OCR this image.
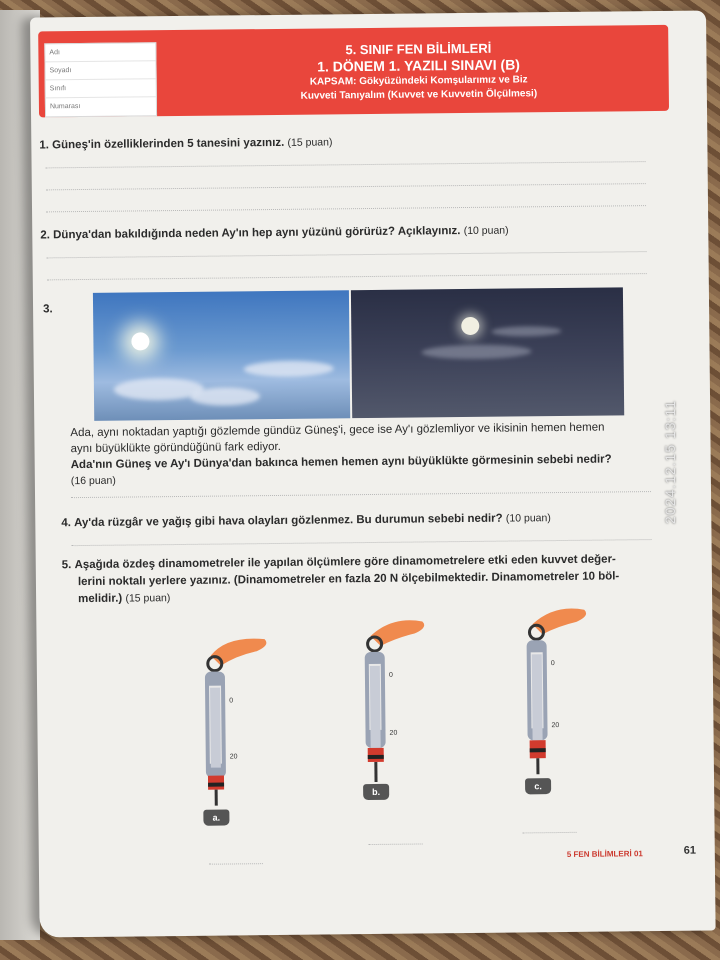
Adı
Soyadı
Sınıfı
Numarası
5. SINIF FEN BİLİMLERİ
1. DÖNEM 1. YAZILI SINAVI (B)
KAPSAM: Gökyüzündeki Komşularımız ve Biz
Kuvveti Tanıyalım (Kuvvet ve Kuvvetin Ölçülmesi)
1. Güneş'in özelliklerinden 5 tanesini yazınız. (15 puan)
2. Dünya'dan bakıldığında neden Ay'ın hep aynı yüzünü görürüz? Açıklayınız. (10 puan)
3.
Ada, aynı noktadan yaptığı gözlemde gündüz Güneş'i, gece ise Ay'ı gözlemliyor ve ikisinin hemen hemen
aynı büyüklükte göründüğünü fark ediyor.
Ada'nın Güneş ve Ay'ı Dünya'dan bakınca hemen hemen aynı büyüklükte görmesinin sebebi nedir?
(16 puan)
4. Ay'da rüzgâr ve yağış gibi hava olayları gözlenmez. Bu durumun sebebi nedir? (10 puan)
5. Aşağıda özdeş dinamometreler ile yapılan ölçümlere göre dinamometrelere etki eden kuvvet değer-
lerini noktalı yerlere yazınız. (Dinamometreler en fazla 20 N ölçebilmektedir. Dinamometreler 10 böl-
melidir.) (15 puan)
0
20
a.
0
20
b.
0
20
c.
5 FEN BİLİMLERİ 01	61
2024.12.15 13:11
